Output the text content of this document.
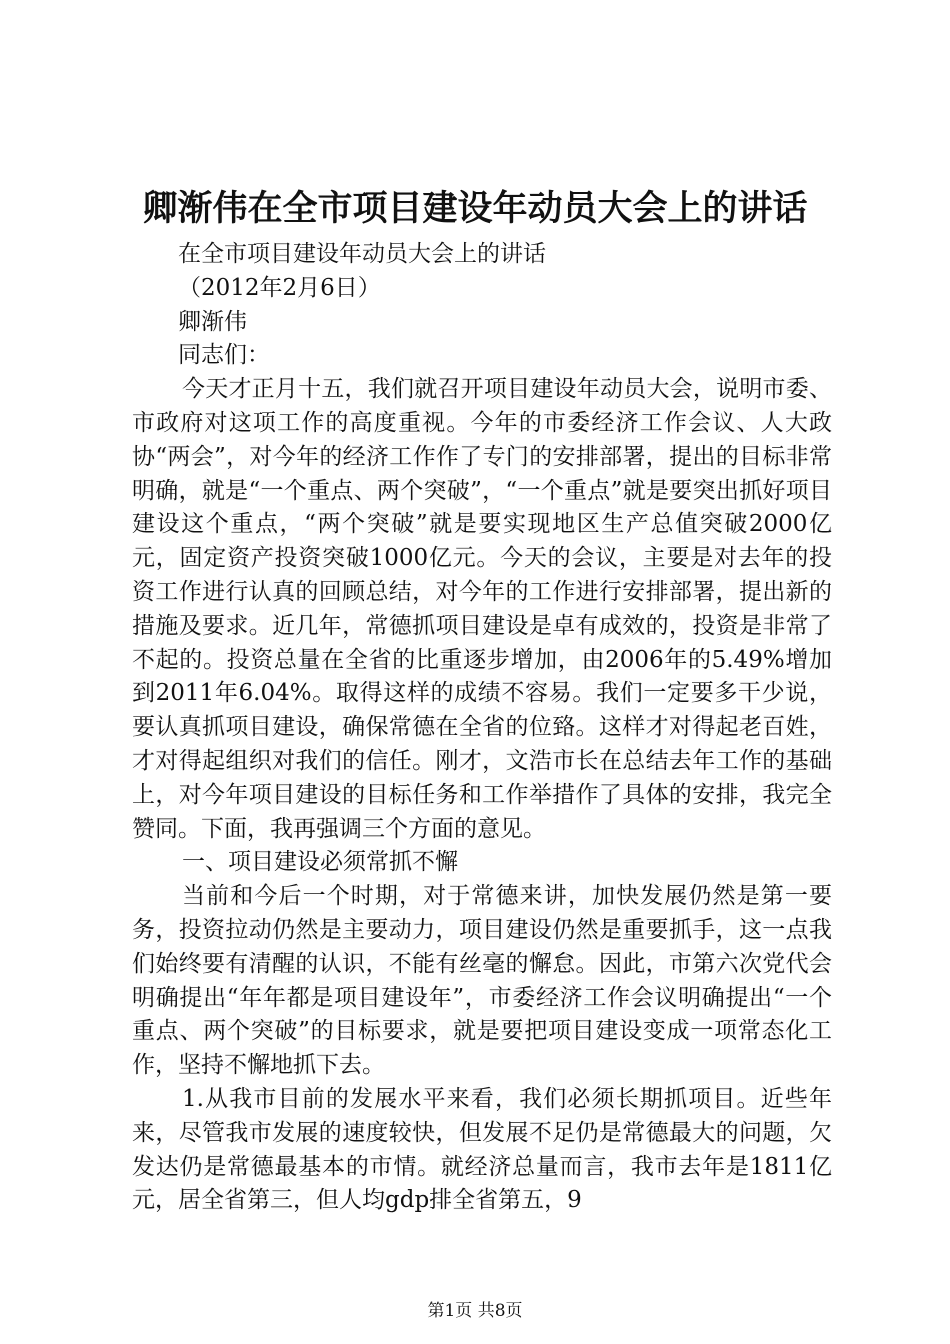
卿渐伟在全市项目建设年动员大会上的讲话
在全市项目建设年动员大会上的讲话
（2012年2月6日）
卿渐伟
同志们：

今天才正月十五，我们就召开项目建设年动员大会，说明市委、市政府对这项工作的高度重视。今年的市委经济工作会议、人大政协“两会”，对今年的经济工作作了专门的安排部署，提出的目标非常明确，就是“一个重点、两个突破”，“一个重点”就是要突出抓好项目建设这个重点，“两个突破”就是要实现地区生产总值突破2000亿元，固定资产投资突破1000亿元。今天的会议，主要是对去年的投资工作进行认真的回顾总结，对今年的工作进行安排部署，提出新的措施及要求。近几年，常德抓项目建设是卓有成效的，投资是非常了不起的。投资总量在全省的比重逐步增加，由2006年的5.49%增加到2011年6.04%。取得这样的成绩不容易。我们一定要多干少说，要认真抓项目建设，确保常德在全省的位臵。这样才对得起老百姓，才对得起组织对我们的信任。刚才，文浩市长在总结去年工作的基础上，对今年项目建设的目标任务和工作举措作了具体的安排，我完全赞同。下面，我再强调三个方面的意见。

一、项目建设必须常抓不懈

当前和今后一个时期，对于常德来讲，加快发展仍然是第一要务，投资拉动仍然是主要动力，项目建设仍然是重要抓手，这一点我们始终要有清醒的认识，不能有丝毫的懈怠。因此，市第六次党代会明确提出“年年都是项目建设年”，市委经济工作会议明确提出“一个重点、两个突破”的目标要求，就是要把项目建设变成一项常态化工作，坚持不懈地抓下去。

1.从我市目前的发展水平来看，我们必须长期抓项目。近些年来，尽管我市发展的速度较快，但发展不足仍是常德最大的问题，欠发达仍是常德最基本的市情。就经济总量而言，我市去年是1811亿元，居全省第三，但人均gdp排全省第五，9

第1页 共8页
